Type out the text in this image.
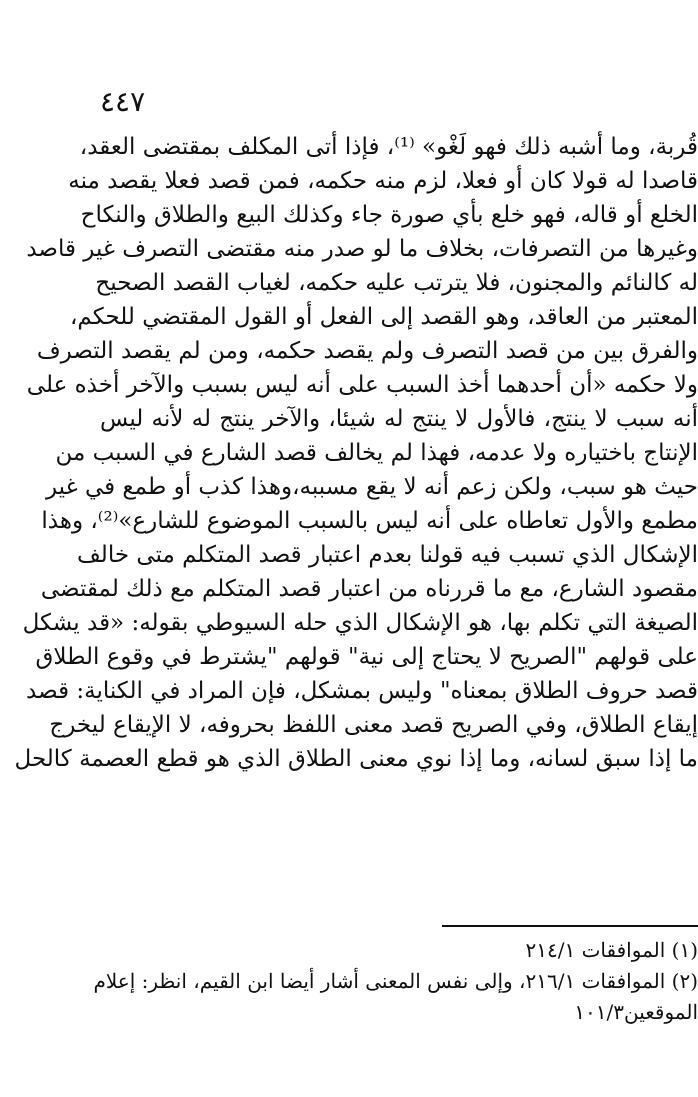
٤٤٧
قُربة، وما أشبه ذلك فهو لَغْو» ⁽¹⁾، فإذا أتى المكلف بمقتضى العقد،
قاصدا له قولا كان أو فعلا، لزم منه حكمه، فمن قصد فعلا يقصد منه
الخلع أو قاله، فهو خلع بأي صورة جاء وكذلك البيع والطلاق والنكاح
وغيرها من التصرفات، بخلاف ما لو صدر منه مقتضى التصرف غير قاصد
له كالنائم والمجنون، فلا يترتب عليه حكمه، لغياب القصد الصحيح
المعتبر من العاقد، وهو القصد إلى الفعل أو القول المقتضي للحكم،
والفرق بين من قصد التصرف ولم يقصد حكمه، ومن لم يقصد التصرف
ولا حكمه «أن أحدهما أخذ السبب على أنه ليس بسبب والآخر أخذه على
أنه سبب لا ينتج، فالأول لا ينتج له شيئا، والآخر ينتج له لأنه ليس
الإنتاج باختياره ولا عدمه، فهذا لم يخالف قصد الشارع في السبب من
حيث هو سبب، ولكن زعم أنه لا يقع مسببه،وهذا كذب أو طمع في غير
مطمع والأول تعاطاه على أنه ليس بالسبب الموضوع للشارع»⁽²⁾، وهذا
الإشكال الذي تسبب فيه قولنا بعدم اعتبار قصد المتكلم متى خالف
مقصود الشارع، مع ما قررناه من اعتبار قصد المتكلم مع ذلك لمقتضى
الصيغة التي تكلم بها، هو الإشكال الذي حله السيوطي بقوله: «قد يشكل
على قولهم "الصريح لا يحتاج إلى نية" قولهم "يشترط في وقوع الطلاق
قصد حروف الطلاق بمعناه" وليس بمشكل، فإن المراد في الكناية: قصد
إيقاع الطلاق، وفي الصريح قصد معنى اللفظ بحروفه، لا الإيقاع ليخرج
ما إذا سبق لسانه، وما إذا نوي معنى الطلاق الذي هو قطع العصمة كالحل
(١) الموافقات ٢١٤/١
(٢) الموافقات ٢١٦/١، وإلى نفس المعنى أشار أيضا ابن القيم، انظر: إعلام
الموقعين١٠١/٣
